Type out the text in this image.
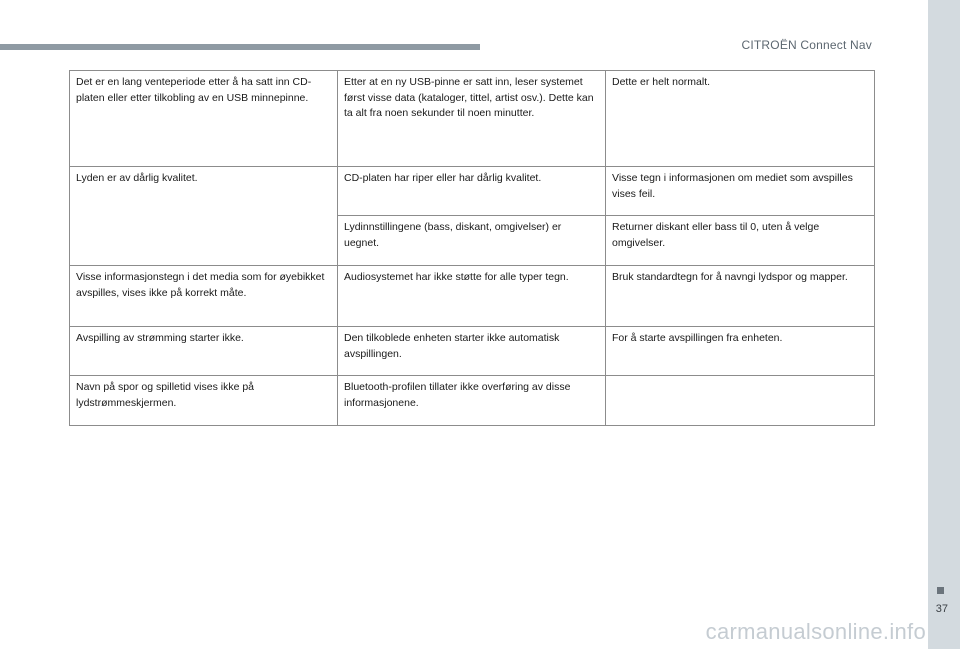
CITROËN Connect Nav
Det er en lang venteperiode etter å ha satt inn CD-platen eller etter tilkobling av en USB minnepinne.	Etter at en ny USB-pinne er satt inn, leser systemet først visse data (kataloger, tittel, artist osv.). Dette kan ta alt fra noen sekunder til noen minutter.	Dette er helt normalt.
Lyden er av dårlig kvalitet.	CD-platen har riper eller har dårlig kvalitet.	Visse tegn i informasjonen om mediet som avspilles vises feil.
	Lydinnstillingene (bass, diskant, omgivelser) er uegnet.	Returner diskant eller bass til 0, uten å velge omgivelser.
Visse informasjonstegn i det media som for øyebikket avspilles, vises ikke på korrekt måte.	Audiosystemet har ikke støtte for alle typer tegn.	Bruk standardtegn for å navngi lydspor og mapper.
Avspilling av strømming starter ikke.	Den tilkoblede enheten starter ikke automatisk avspillingen.	For å starte avspillingen fra enheten.
Navn på spor og spilletid vises ikke på lydstrømmeskjermen.	Bluetooth-profilen tillater ikke overføring av disse informasjonene.	
37
carmanualsonline.info
